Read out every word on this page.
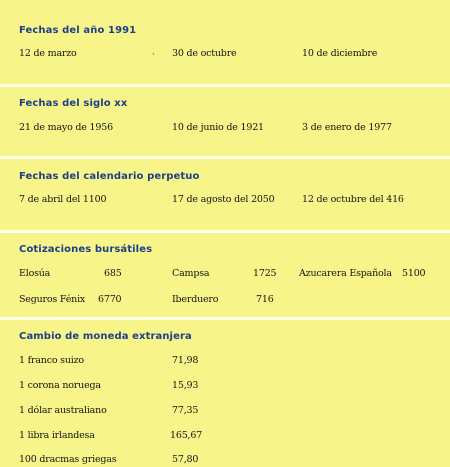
Fechas del año 1991
12 de marzo	· 30 de octubre	10 de diciembre
Fechas del siglo xx
21 de mayo de 1956	10 de junio de 1921	3 de enero de 1977
Fechas del calendario perpetuo
7 de abril del 1100	17 de agosto del 2050	12 de octubre del 416
Cotizaciones bursátiles
Elosúa	685	Campsa	1725 Azucarera Española 5100
Seguros Fénix 6770	Iberduero	716
Cambio de moneda extranjera
1 franco suizo	71,98
1 corona noruega	15,93
1 dólar australiano	77,35
1 libra irlandesa	165,67
100 dracmas griegas	57,80
